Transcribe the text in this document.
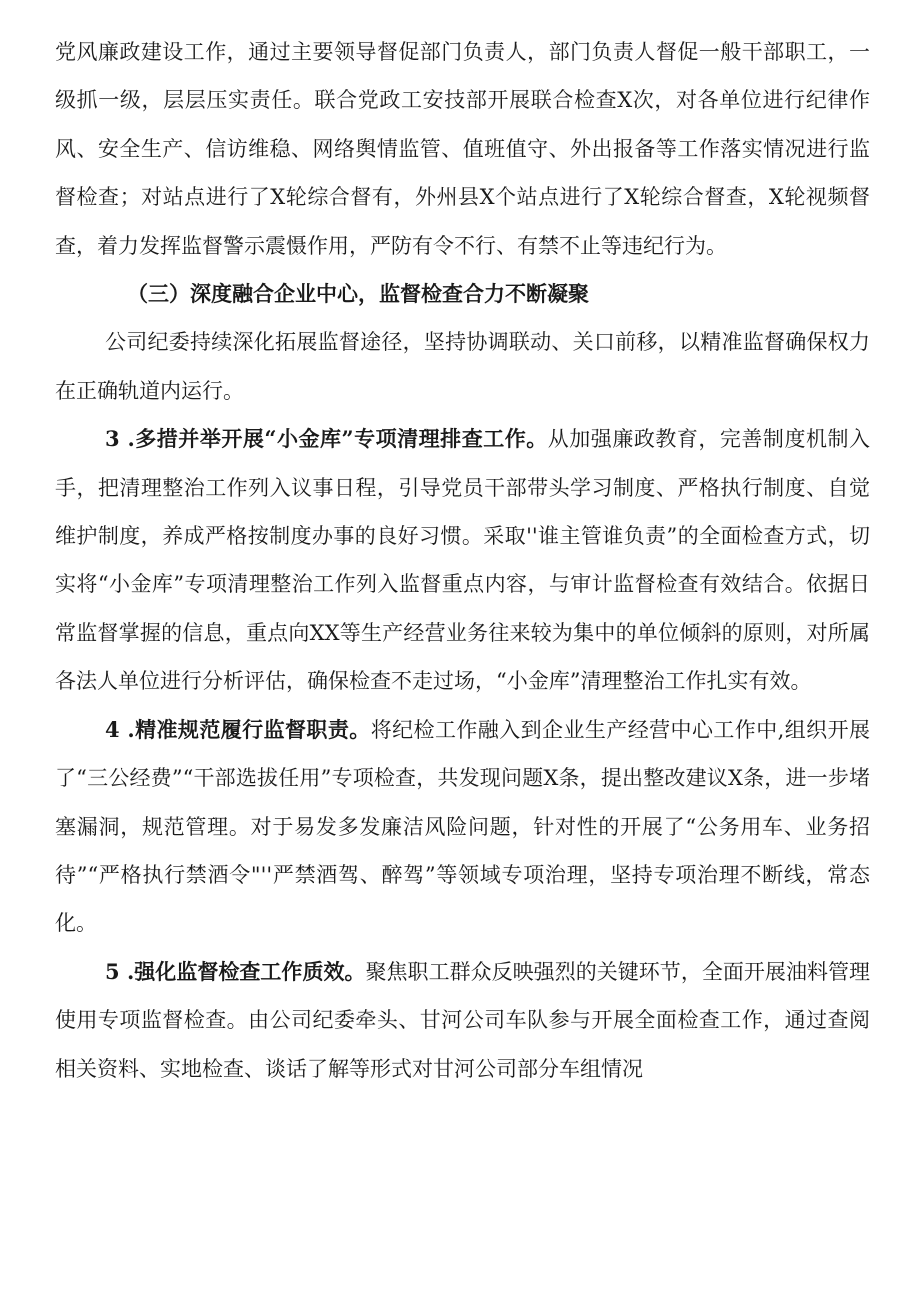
党风廉政建设工作，通过主要领导督促部门负责人，部门负责人督促一般干部职工，一级抓一级，层层压实责任。联合党政工安技部开展联合检查X次，对各单位进行纪律作风、安全生产、信访维稳、网络舆情监管、值班值守、外出报备等工作落实情况进行监督检查；对站点进行了X轮综合督有，外州县X个站点进行了X轮综合督查，X轮视频督查，着力发挥监督警示震慑作用，严防有令不行、有禁不止等违纪行为。

（三）深度融合企业中心，监督检查合力不断凝聚

公司纪委持续深化拓展监督途径，坚持协调联动、关口前移，以精准监督确保权力在正确轨道内运行。

3 .多措并举开展“小金库”专项清理排查工作。从加强廉政教育，完善制度机制入手，把清理整治工作列入议事日程，引导党员干部带头学习制度、严格执行制度、自觉维护制度，养成严格按制度办事的良好习惯。采取''谁主管谁负责”的全面检查方式，切实将“小金库”专项清理整治工作列入监督重点内容，与审计监督检查有效结合。依据日常监督掌握的信息，重点向XX等生产经营业务往来较为集中的单位倾斜的原则，对所属各法人单位进行分析评估，确保检查不走过场，“小金库”清理整治工作扎实有效。

4 .精准规范履行监督职责。将纪检工作融入到企业生产经营中心工作中,组织开展了“三公经费”“干部选拔任用”专项检查，共发现问题X条，提出整改建议X条，进一步堵塞漏洞，规范管理。对于易发多发廉洁风险问题，针对性的开展了“公务用车、业务招待”“严格执行禁酒令"''严禁酒驾、醉驾”等领域专项治理，坚持专项治理不断线，常态化。

5 .强化监督检查工作质效。聚焦职工群众反映强烈的关键环节，全面开展油料管理使用专项监督检查。由公司纪委牵头、甘河公司车队参与开展全面检查工作，通过查阅相关资料、实地检查、谈话了解等形式对甘河公司部分车组情况
